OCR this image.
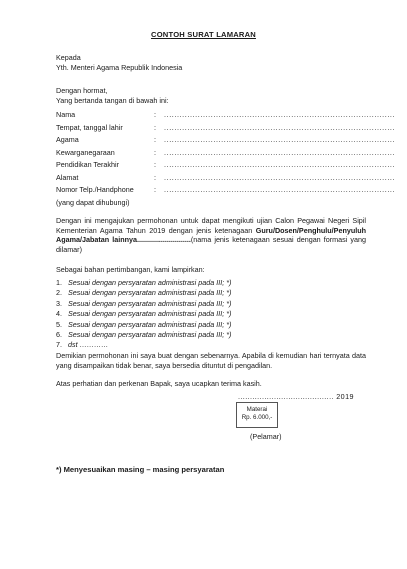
CONTOH SURAT LAMARAN
Kepada
Yth. Menteri Agama Republik Indonesia
Dengan hormat,
Yang bertanda tangan di bawah ini:
Nama	: .........................................................................................
Tempat, tanggal lahir	: .........................................................................................
Agama	: .........................................................................................
Kewarganegaraan	: .........................................................................................
Pendidikan Terakhir	: .........................................................................................
Alamat	: .........................................................................................
Nomor Telp./Handphone	: .........................................................................................
(yang dapat dihubungi)
Dengan ini mengajukan permohonan untuk dapat mengikuti ujian Calon Pegawai Negeri Sipil Kementerian Agama Tahun 2019 dengan jenis ketenagaan Guru/Dosen/Penghulu/Penyuluh Agama/Jabatan lainnya...........................(nama jenis ketenagaan sesuai dengan formasi yang dilamar)
Sebagai bahan pertimbangan, kami lampirkan:
1. Sesuai dengan persyaratan administrasi pada III; *)
2. Sesuai dengan persyaratan administrasi pada III; *)
3. Sesuai dengan persyaratan administrasi pada III; *)
4. Sesuai dengan persyaratan administrasi pada III; *)
5. Sesuai dengan persyaratan administrasi pada III; *)
6. Sesuai dengan persyaratan administrasi pada III; *)
7. dst …………
Demikian permohonan ini saya buat dengan sebenarnya. Apabila di kemudian hari ternyata data yang disampaikan tidak benar, saya bersedia dituntut di pengadilan.
Atas perhatian dan perkenan Bapak, saya ucapkan terima kasih.
........................................ 2019
Materai
Rp. 6.000,-
(Pelamar)
*) Menyesuaikan masing – masing persyaratan
